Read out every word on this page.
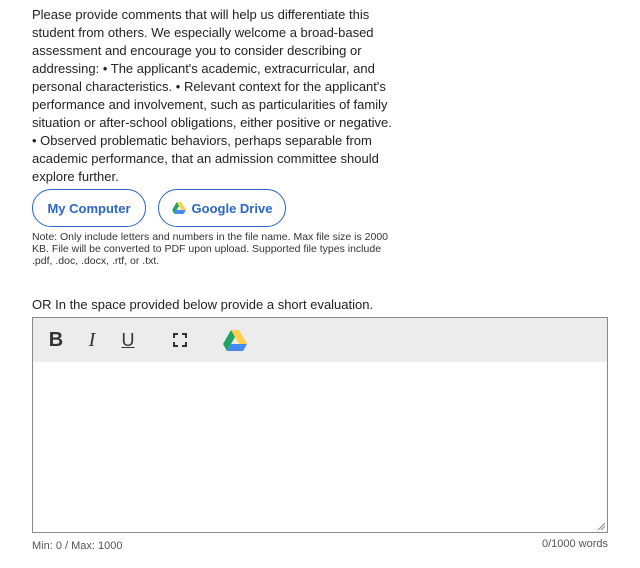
Please provide comments that will help us differentiate this student from others. We especially welcome a broad-based assessment and encourage you to consider describing or addressing: • The applicant's academic, extracurricular, and personal characteristics. • Relevant context for the applicant's performance and involvement, such as particularities of family situation or after-school obligations, either positive or negative. • Observed problematic behaviors, perhaps separable from academic performance, that an admission committee should explore further.
My Computer	Google Drive
Note: Only include letters and numbers in the file name. Max file size is 2000 KB. File will be converted to PDF upon upload. Supported file types include .pdf, .doc, .docx, .rtf, or .txt.
OR In the space provided below provide a short evaluation.
B	I	U
Min: 0 / Max: 1000	0/1000 words
